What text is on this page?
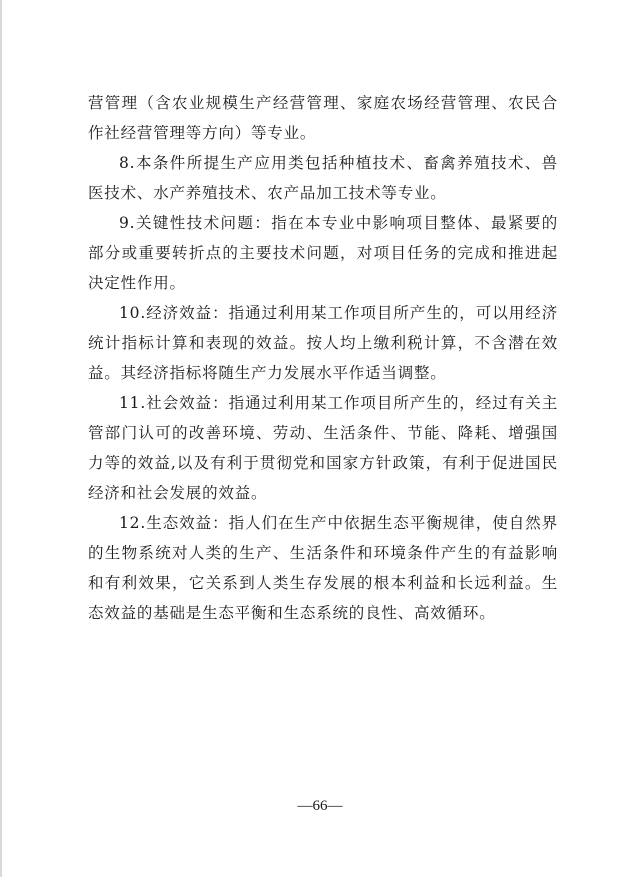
营管理（含农业规模生产经营管理、家庭农场经营管理、农民合作社经营管理等方向）等专业。

8.本条件所提生产应用类包括种植技术、畜禽养殖技术、兽医技术、水产养殖技术、农产品加工技术等专业。

9.关键性技术问题：指在本专业中影响项目整体、最紧要的部分或重要转折点的主要技术问题，对项目任务的完成和推进起决定性作用。

10.经济效益：指通过利用某工作项目所产生的，可以用经济统计指标计算和表现的效益。按人均上缴利税计算，不含潜在效益。其经济指标将随生产力发展水平作适当调整。

11.社会效益：指通过利用某工作项目所产生的，经过有关主管部门认可的改善环境、劳动、生活条件、节能、降耗、增强国力等的效益,以及有利于贯彻党和国家方针政策，有利于促进国民经济和社会发展的效益。

12.生态效益：指人们在生产中依据生态平衡规律，使自然界的生物系统对人类的生产、生活条件和环境条件产生的有益影响和有利效果，它关系到人类生存发展的根本利益和长远利益。生态效益的基础是生态平衡和生态系统的良性、高效循环。

—66—
